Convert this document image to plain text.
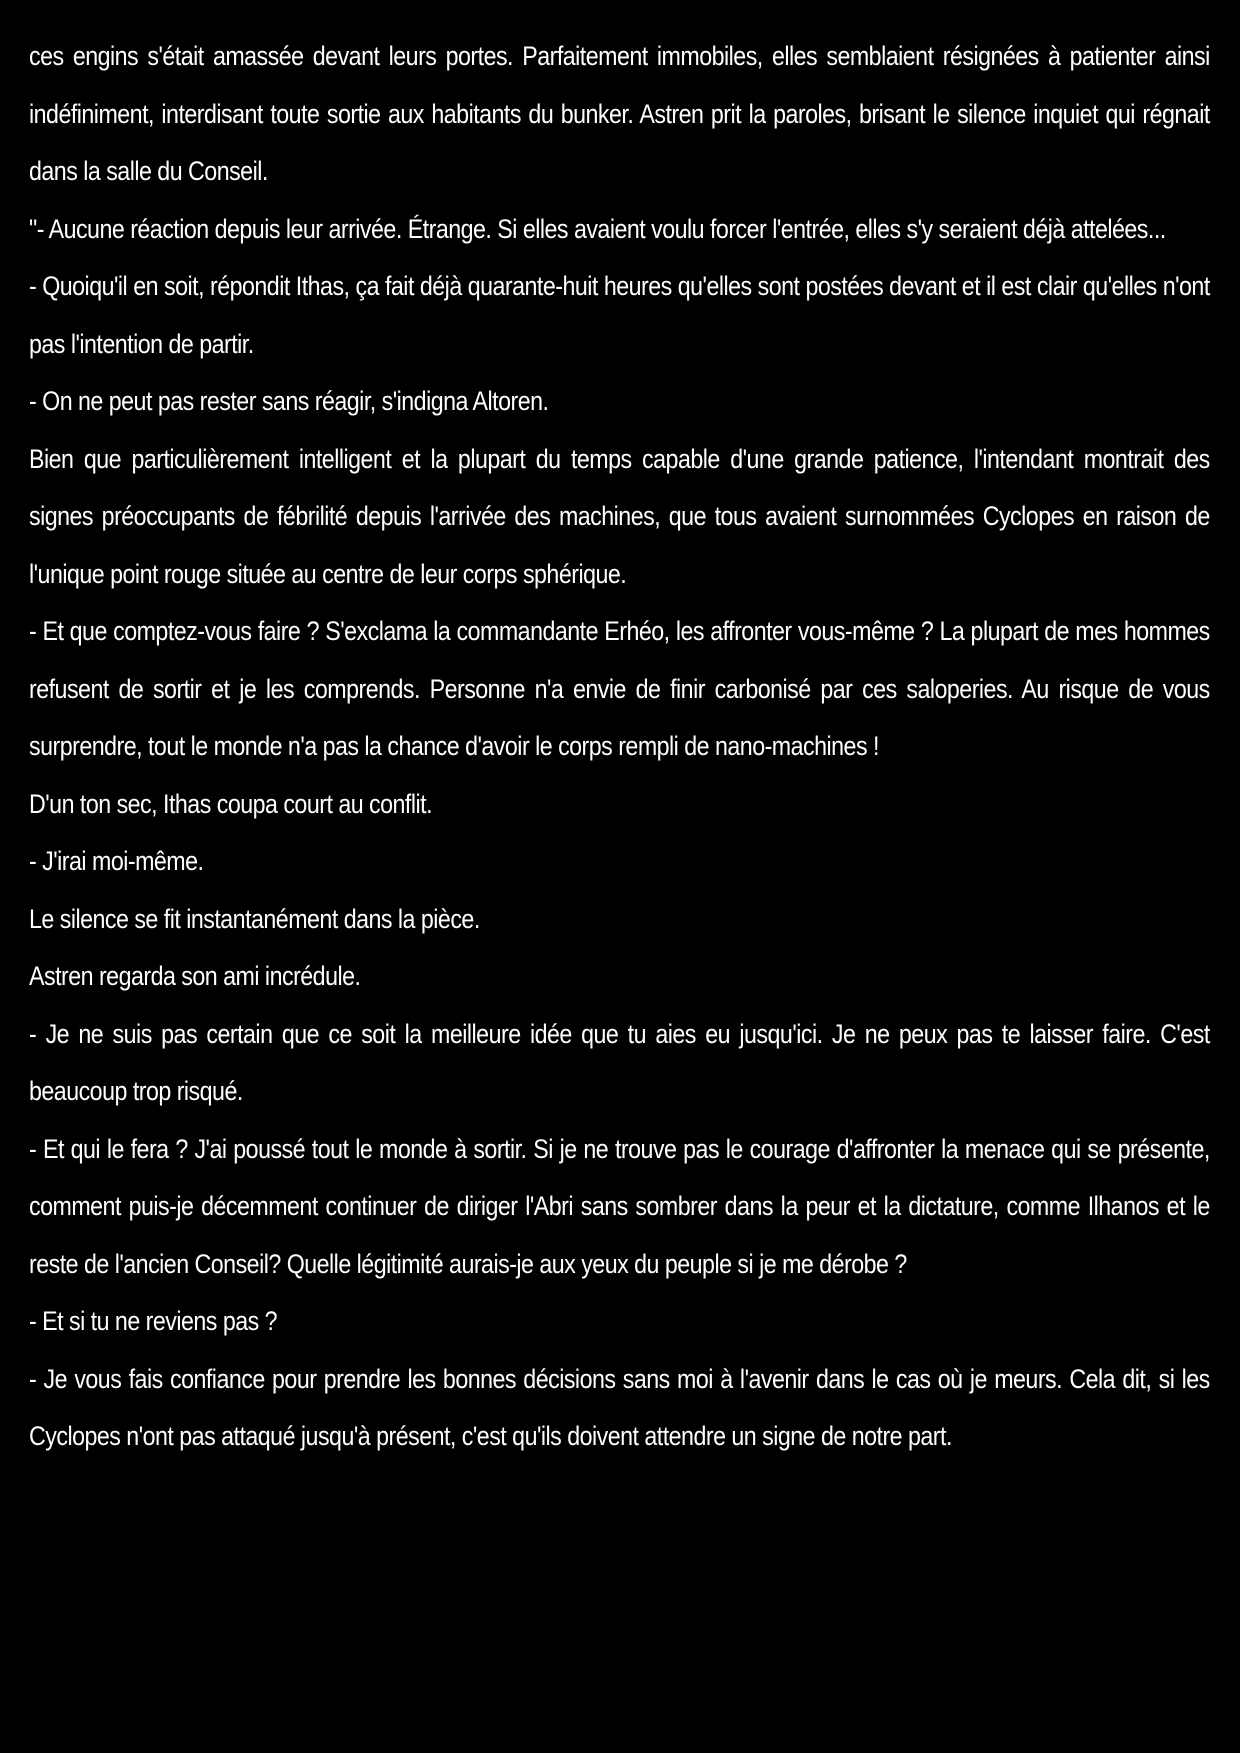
ces engins s'était amassée devant leurs portes. Parfaitement immobiles, elles semblaient résignées à patienter ainsi indéfiniment, interdisant toute sortie aux habitants du bunker. Astren prit la paroles, brisant le silence inquiet qui régnait dans la salle du Conseil.

"- Aucune réaction depuis leur arrivée. Étrange. Si elles avaient voulu forcer l'entrée, elles s'y seraient déjà attelées...

- Quoiqu'il en soit, répondit Ithas, ça fait déjà quarante-huit heures qu'elles sont postées devant et il est clair qu'elles n'ont pas l'intention de partir.

- On ne peut pas rester sans réagir, s'indigna Altoren.

Bien que particulièrement intelligent et la plupart du temps capable d'une grande patience, l'intendant montrait des signes préoccupants de fébrilité depuis l'arrivée des machines, que tous avaient surnommées Cyclopes en raison de l'unique point rouge située au centre de leur corps sphérique.

- Et que comptez-vous faire ? S'exclama la commandante Erhéo, les affronter vous-même ? La plupart de mes hommes refusent de sortir et je les comprends. Personne n'a envie de finir carbonisé par ces saloperies. Au risque de vous surprendre, tout le monde n'a pas la chance d'avoir le corps rempli de nano-machines !

D'un ton sec, Ithas coupa court au conflit.

- J'irai moi-même.

Le silence se fit instantanément dans la pièce.

Astren regarda son ami incrédule.

- Je ne suis pas certain que ce soit la meilleure idée que tu aies eu jusqu'ici. Je ne peux pas te laisser faire. C'est beaucoup trop risqué.

- Et qui le fera ? J'ai poussé tout le monde à sortir. Si je ne trouve pas le courage d'affronter la menace qui se présente, comment puis-je décemment continuer de diriger l'Abri sans sombrer dans la peur et la dictature, comme Ilhanos et le reste de l'ancien Conseil? Quelle légitimité aurais-je aux yeux du peuple si je me dérobe ?

- Et si tu ne reviens pas ?

- Je vous fais confiance pour prendre les bonnes décisions sans moi à l'avenir dans le cas où je meurs. Cela dit, si les Cyclopes n'ont pas attaqué jusqu'à présent, c'est qu'ils doivent attendre un signe de notre part.
